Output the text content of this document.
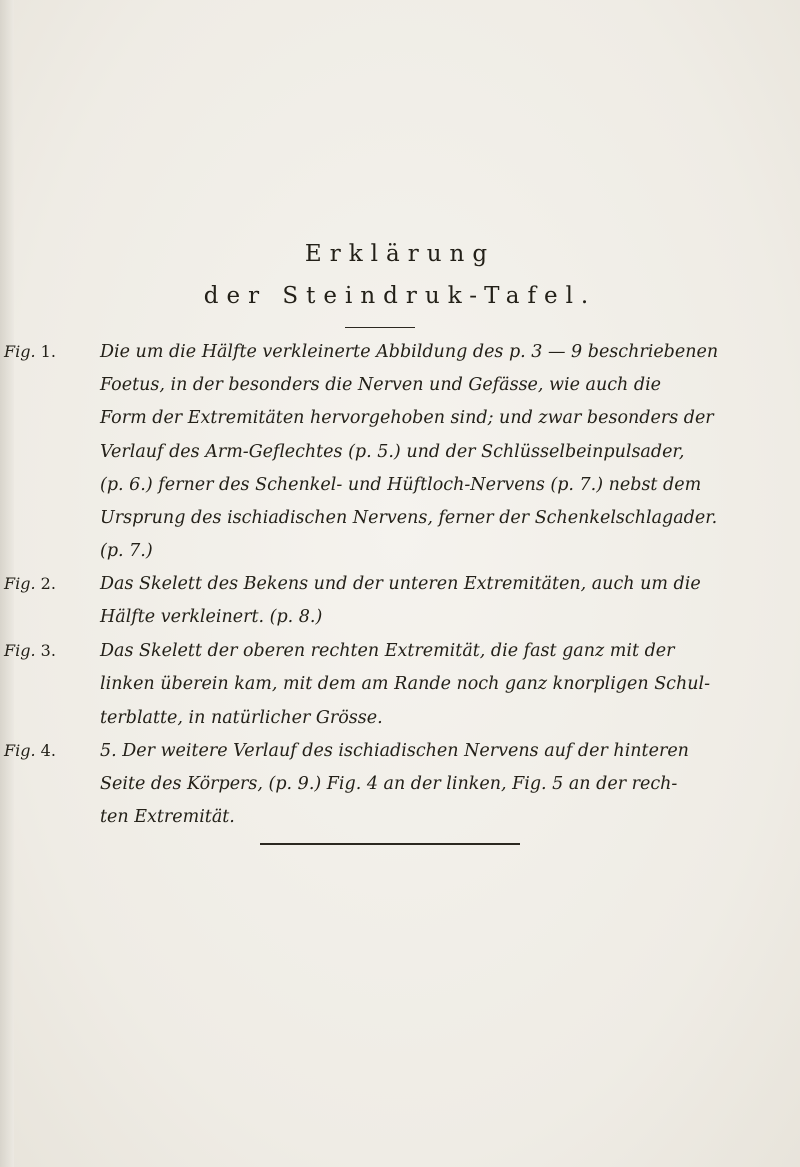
Erklärung
der Steindruk-Tafel.
Fig. 1.	Die um die Hälfte verkleinerte Abbildung des p. 3 — 9 beschriebenen
Foetus, in der besonders die Nerven und Gefässe, wie auch die
Form der Extremitäten hervorgehoben sind; und zwar besonders der
Verlauf des Arm-Geflechtes (p. 5.) und der Schlüsselbeinpulsader,
(p. 6.) ferner des Schenkel- und Hüftloch-Nervens (p. 7.) nebst dem
Ursprung des ischiadischen Nervens, ferner der Schenkelschlagader.
(p. 7.)
Fig. 2.	Das Skelett des Bekens und der unteren Extremitäten, auch um die
Hälfte verkleinert. (p. 8.)
Fig. 3.	Das Skelett der oberen rechten Extremität, die fast ganz mit der
linken überein kam, mit dem am Rande noch ganz knorpligen Schul-
terblatte, in natürlicher Grösse.
Fig. 4.	5. Der weitere Verlauf des ischiadischen Nervens auf der hinteren
Seite des Körpers, (p. 9.) Fig. 4 an der linken, Fig. 5 an der rech-
ten Extremität.
